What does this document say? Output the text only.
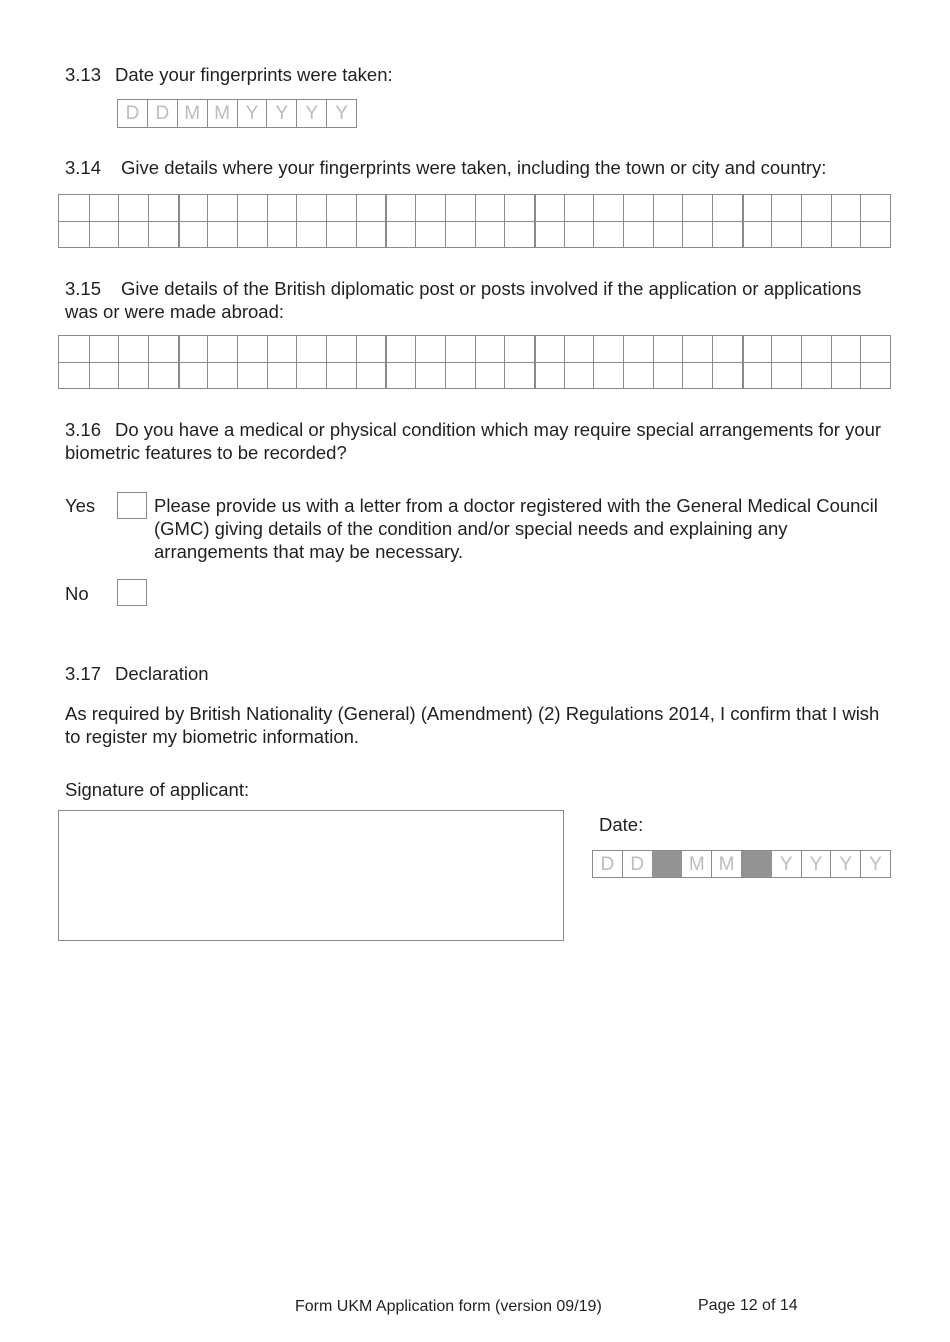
3.13 Date your fingerprints were taken:
D D M M Y Y Y Y
3.14 Give details where your fingerprints were taken, including the town or city and country:
3.15 Give details of the British diplomatic post or posts involved if the application or applications was or were made abroad:
3.16 Do you have a medical or physical condition which may require special arrangements for your biometric features to be recorded?
Yes	Please provide us with a letter from a doctor registered with the General Medical Council (GMC) giving details of the condition and/or special needs and explaining any arrangements that may be necessary.
No
3.17 Declaration
As required by British Nationality (General) (Amendment) (2) Regulations 2014, I confirm that I wish to register my biometric information.
Signature of applicant:
Date:
D D	M M	Y Y Y Y
Form UKM Application form (version 09/19)	Page 12 of 14
